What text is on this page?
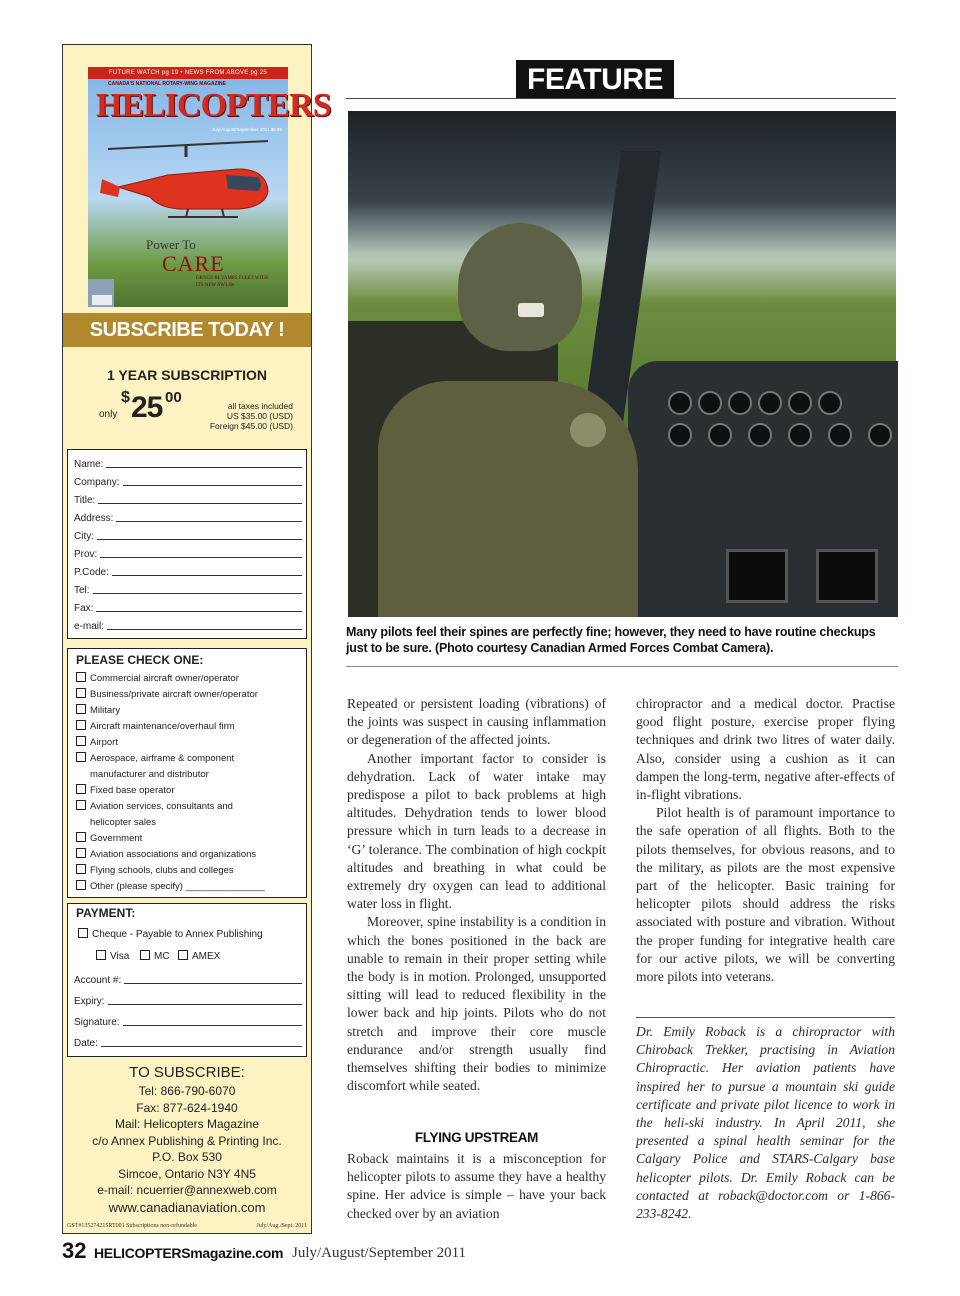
FUTURE WATCH pg 19 • NEWS FROM ABOVE pg 25
CANADA'S NATIONAL ROTARY-WING MAGAZINE
HELICOPTERS
July/August/September 2011 $6.95
Power To
CARE
ORNGE REVAMPS FLEET WITH ITS NEW AW139s
SUBSCRIBE TODAY !
1 YEAR SUBSCRIPTION
only
$ 25 00	all taxes included
US $35.00 (USD)
Foreign $45.00 (USD)
Name:
Company:
Title:
Address:
City:
Prov:
P.Code:
Tel:
Fax:
e-mail:
PLEASE CHECK ONE:
Commercial aircraft owner/operator
Business/private aircraft owner/operator
Military
Aircraft maintenance/overhaul firm
Airport
Aerospace, airframe & component
manufacturer and distributor
Fixed base operator
Aviation services, consultants and
helicopter sales
Government
Aviation associations and organizations
Flying schools, clubs and colleges
Other (please specify) _______________
PAYMENT:
Cheque - Payable to Annex Publishing
Visa	MC	AMEX
Account #:
Expiry:
Signature:
Date:
TO SUBSCRIBE:
Tel: 866-790-6070
Fax: 877-624-1940
Mail: Helicopters Magazine
c/o Annex Publishing & Printing Inc.
P.O. Box 530
Simcoe, Ontario N3Y 4N5
e-mail: ncuerrier@annexweb.com
www.canadianaviation.com
GST#135274215RT001 Subscriptions non-refundable	July/Aug./Sept. 2011
FEATURE
Many pilots feel their spines are perfectly fine; however, they need to have routine checkups just to be sure. (Photo courtesy Canadian Armed Forces Combat Camera).

Repeated or persistent loading (vibrations) of the joints was suspect in causing inflammation or degeneration of the affected joints.

Another important factor to consider is dehydration. Lack of water intake may predispose a pilot to back problems at high altitudes. Dehydration tends to lower blood pressure which in turn leads to a decrease in ‘G’ tolerance. The combination of high cockpit altitudes and breathing in what could be extremely dry oxygen can lead to additional water loss in flight.

Moreover, spine instability is a condition in which the bones positioned in the back are unable to remain in their proper setting while the body is in motion. Prolonged, unsupported sitting will lead to reduced flexibility in the lower back and hip joints. Pilots who do not stretch and improve their core muscle endurance and/or strength usually find themselves shifting their bodies to minimize discomfort while seated.

FLYING UPSTREAM

Roback maintains it is a misconception for helicopter pilots to assume they have a healthy spine. Her advice is simple – have your back checked over by an aviation

chiropractor and a medical doctor. Practise good flight posture, exercise proper flying techniques and drink two litres of water daily. Also, consider using a cushion as it can dampen the long-term, negative after-effects of in-flight vibrations.

Pilot health is of paramount importance to the safe operation of all flights. Both to the pilots themselves, for obvious reasons, and to the military, as pilots are the most expensive part of the helicopter. Basic training for helicopter pilots should address the risks associated with posture and vibration. Without the proper funding for integrative health care for our active pilots, we will be converting more pilots into veterans.

Dr. Emily Roback is a chiropractor with Chiroback Trekker, practising in Aviation Chiropractic. Her aviation patients have inspired her to pursue a mountain ski guide certificate and private pilot licence to work in the heli-ski industry. In April 2011, she presented a spinal health seminar for the Calgary Police and STARS-Calgary base helicopter pilots. Dr. Emily Roback can be contacted at roback@doctor.com or 1-866-233-8242.
32 HELICOPTERSmagazine.com July/August/September 2011
